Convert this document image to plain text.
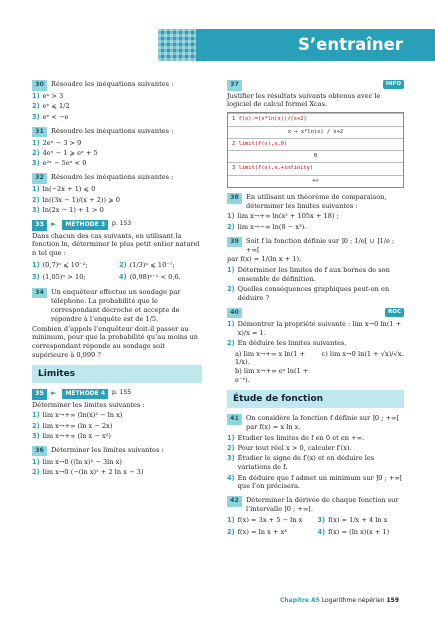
S’entraîner
30	Résoudre les inéquations suivantes :
1) eˣ > 3
2) eˣ ⩽ 1/2
3) eˣ < −e
31	Résoudre les inéquations suivantes :
1) 2eˣ − 3 > 9
2) 4eˣ − 1 ⩾ eˣ + 5
3) e²ˣ − 5eˣ < 0
32	Résoudre les inéquations suivantes :
1) ln(−2x + 1) ⩽ 0
2) ln((3x − 1)/(x + 2)) ⩾ 0
3) ln(2x − 1) + 1 > 0
33	►	MÉTHODE 3	p. 153

Dans chacun des cas suivants, en utilisant la fonction ln, déterminer le plus petit entier naturel n tel que :

1) (0,7)ⁿ ⩽ 10⁻²;	2) (1/3)ⁿ ⩽ 10⁻⁷;
3) (1,05)ⁿ > 10;	4) (0,98)ⁿ⁻¹ < 0,6.
34	Un enquêteur effectue un sondage par téléphone. La probabilité que le correspondant décroche et accepte de répondre à l’enquête est de 1/5.

Combien d’appels l’enquêteur doit-il passer au minimum, pour que la probabilité qu’au moins un correspondant réponde au sondage soit supérieure à 0,999 ?

Limites
35	►	MÉTHODE 4	p. 155

Déterminer les limites suivantes :

1) lim x→+∞ (ln(x)² − ln x)
2) lim x→+∞ (ln x − 2x)
3) lim x→+∞ (ln x − x²)
36	Déterminer les limites suivantes :
1) lim x→0 ((ln x)² − 3ln x)
2) lim x→0 (−(ln x)² + 2 ln x − 3)
37	INFO

Justifier les résultats suivants obtenus avec le logiciel de calcul formel Xcas.

1 f(x):=(x*ln(x))/(x+2)
x → x*ln(x) / x+2
2 limit(f(x),x,0)
0
3 limit(f(x),x,+infinity)
+∞
38	En utilisant un théorème de comparaison, déterminer les limites suivantes :
1) lim x→+∞ ln(x² + 105x + 18) ;
2) lim x→−∞ ln(8 − x³).
39	Soit f la fonction définie sur ]0 ; 1/e[ ∪ ]1/e ; +∞[

par f(x) = 1/(ln x + 1).

1) Déterminer les limites de f aux bornes de son ensemble de définition.
2) Quelles conséquences graphiques peut-on en déduire ?
40	ROC
1) Démontrer la propriété suivante : lim x→0 ln(1 + x)/x = 1.
2) En déduire les limites suivantes.
a) lim x→+∞ x ln(1 + 1/x).
c) lim x→0 ln(1 + √x)/√x.
b) lim x→+∞ eˣ ln(1 + e⁻ˣ).
Étude de fonction
41	On considère la fonction f définie sur ]0 ; +∞[ par f(x) = x ln x.
1) Étudier les limites de f en 0 et en +∞.
2) Pour tout réel x > 0, calculer f′(x).
3) Étudier le signe de f′(x) et en déduire les variations de f.
4) En déduire que f admet un minimum sur ]0 ; +∞[ que l’on précisera.
42	Déterminer la dérivée de chaque fonction sur l’intervalle ]0 ; +∞[.
1) f(x) = 3x + 5 − ln x 3) f(x) = 1/x + 4 ln x
2) f(x) = ln x + x⁴	4) f(x) = (ln x)(x + 1)
Chapitre A5 Logarithme népérien 159
